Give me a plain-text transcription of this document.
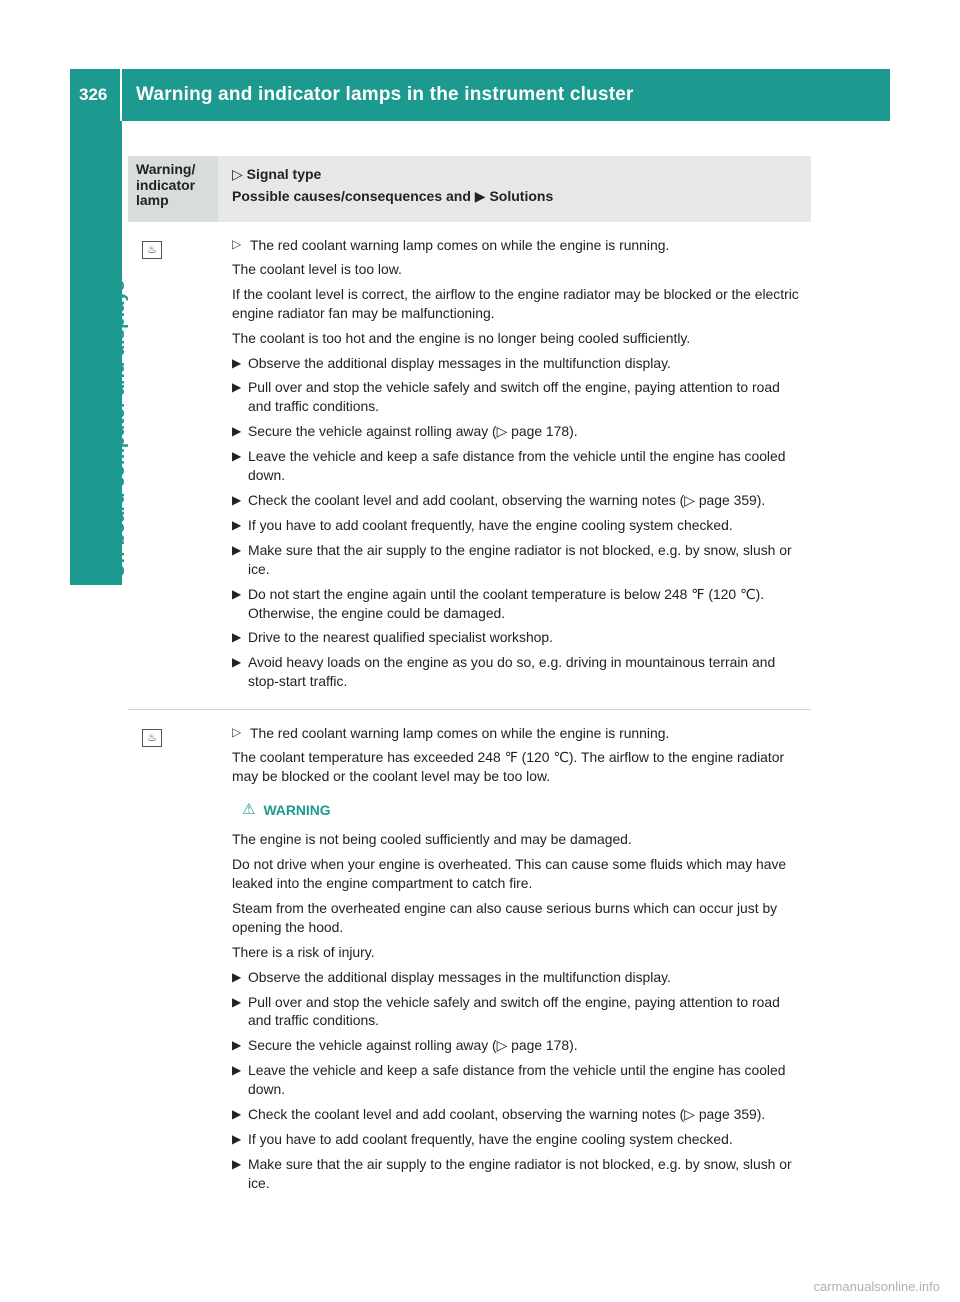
326	Warning and indicator lamps in the instrument cluster
On-board computer and displays
Warning/ indicator lamp
▷ Signal type
Possible causes/consequences and ▶ Solutions
♨	▷ The red coolant warning lamp comes on while the engine is running.

The coolant level is too low.

If the coolant level is correct, the airflow to the engine radiator may be blocked or the electric engine radiator fan may be malfunctioning.

The coolant is too hot and the engine is no longer being cooled sufficiently.

▶ Observe the additional display messages in the multifunction display.
▶ Pull over and stop the vehicle safely and switch off the engine, paying attention to road and traffic conditions.
▶ Secure the vehicle against rolling away (▷ page 178).
▶ Leave the vehicle and keep a safe distance from the vehicle until the engine has cooled down.
▶ Check the coolant level and add coolant, observing the warning notes (▷ page 359).
▶ If you have to add coolant frequently, have the engine cooling system checked.
▶ Make sure that the air supply to the engine radiator is not blocked, e.g. by snow, slush or ice.
▶ Do not start the engine again until the coolant temperature is below 248 ℉ (120 ℃). Otherwise, the engine could be damaged.
▶ Drive to the nearest qualified specialist workshop.
▶ Avoid heavy loads on the engine as you do so, e.g. driving in mountainous terrain and stop-start traffic.
♨	▷ The red coolant warning lamp comes on while the engine is running.

The coolant temperature has exceeded 248 ℉ (120 ℃). The airflow to the engine radiator may be blocked or the coolant level may be too low.

⚠ WARNING

The engine is not being cooled sufficiently and may be damaged.

Do not drive when your engine is overheated. This can cause some fluids which may have leaked into the engine compartment to catch fire.

Steam from the overheated engine can also cause serious burns which can occur just by opening the hood.

There is a risk of injury.

▶ Observe the additional display messages in the multifunction display.
▶ Pull over and stop the vehicle safely and switch off the engine, paying attention to road and traffic conditions.
▶ Secure the vehicle against rolling away (▷ page 178).
▶ Leave the vehicle and keep a safe distance from the vehicle until the engine has cooled down.
▶ Check the coolant level and add coolant, observing the warning notes (▷ page 359).
▶ If you have to add coolant frequently, have the engine cooling system checked.
▶ Make sure that the air supply to the engine radiator is not blocked, e.g. by snow, slush or ice.
carmanualsonline.info
